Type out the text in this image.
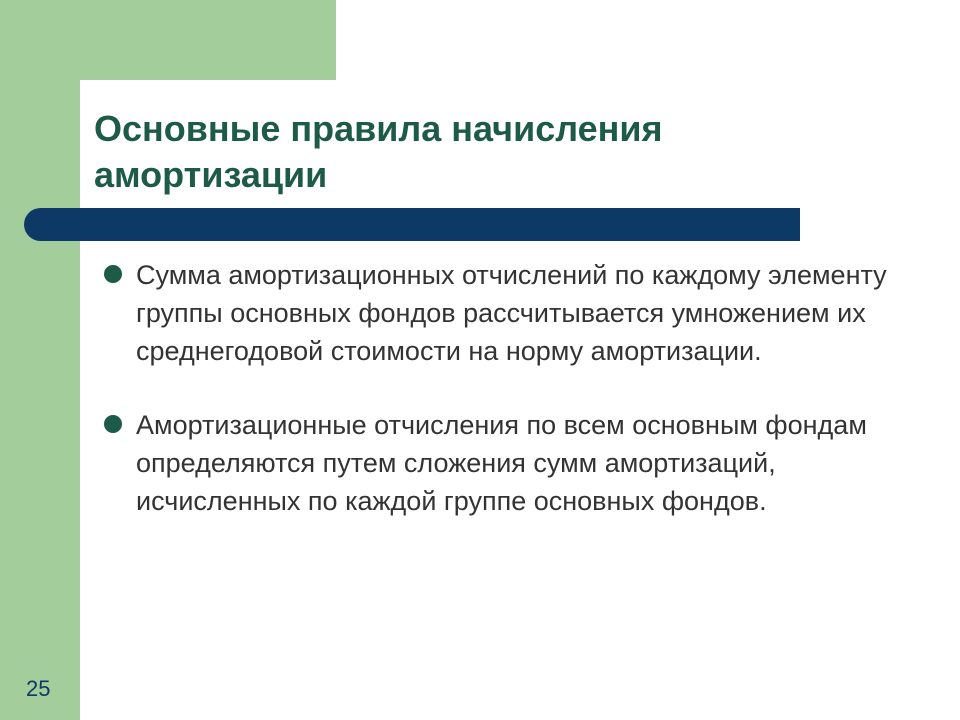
Основные правила начисления амортизации
Сумма амортизационных отчислений по каждому элементу группы основных фондов рассчитывается умножением их среднегодовой стоимости на норму амортизации.
Амортизационные отчисления по всем основным фондам определяются путем сложения сумм амортизаций, исчисленных по каждой группе основных фондов.
25
